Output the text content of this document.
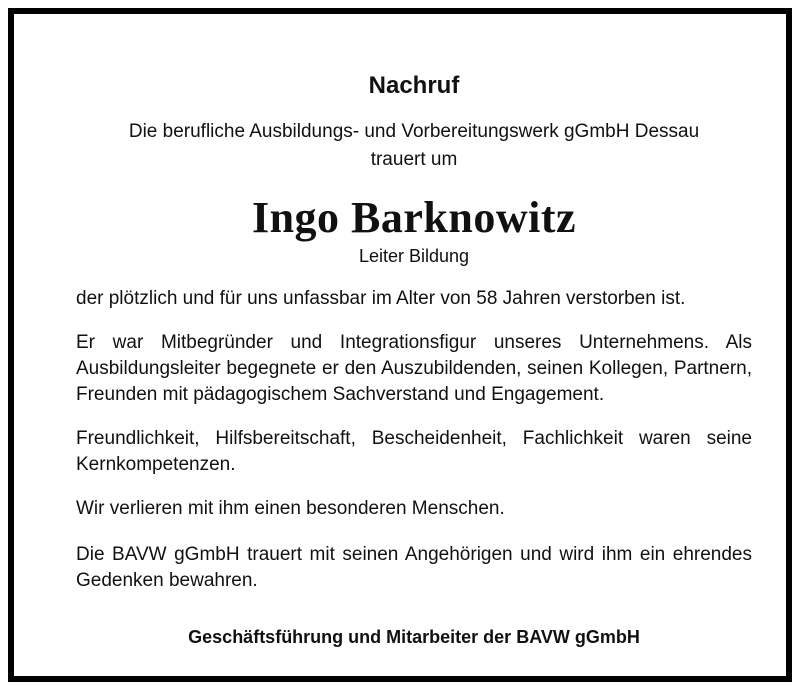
Nachruf
Die berufliche Ausbildungs- und Vorbereitungswerk gGmbH Dessau
trauert um
Ingo Barknowitz
Leiter Bildung
der plötzlich und für uns unfassbar im Alter von 58 Jahren verstorben ist.
Er war Mitbegründer und Integrationsfigur unseres Unternehmens. Als Ausbildungsleiter begegnete er den Auszubildenden, seinen Kollegen, Partnern, Freunden mit pädagogischem Sachverstand und Engagement.
Freundlichkeit, Hilfsbereitschaft, Bescheidenheit, Fachlichkeit waren seine Kernkompetenzen.
Wir verlieren mit ihm einen besonderen Menschen.
Die BAVW gGmbH trauert mit seinen Angehörigen und wird ihm ein ehrendes Gedenken bewahren.
Geschäftsführung und Mitarbeiter der BAVW gGmbH
